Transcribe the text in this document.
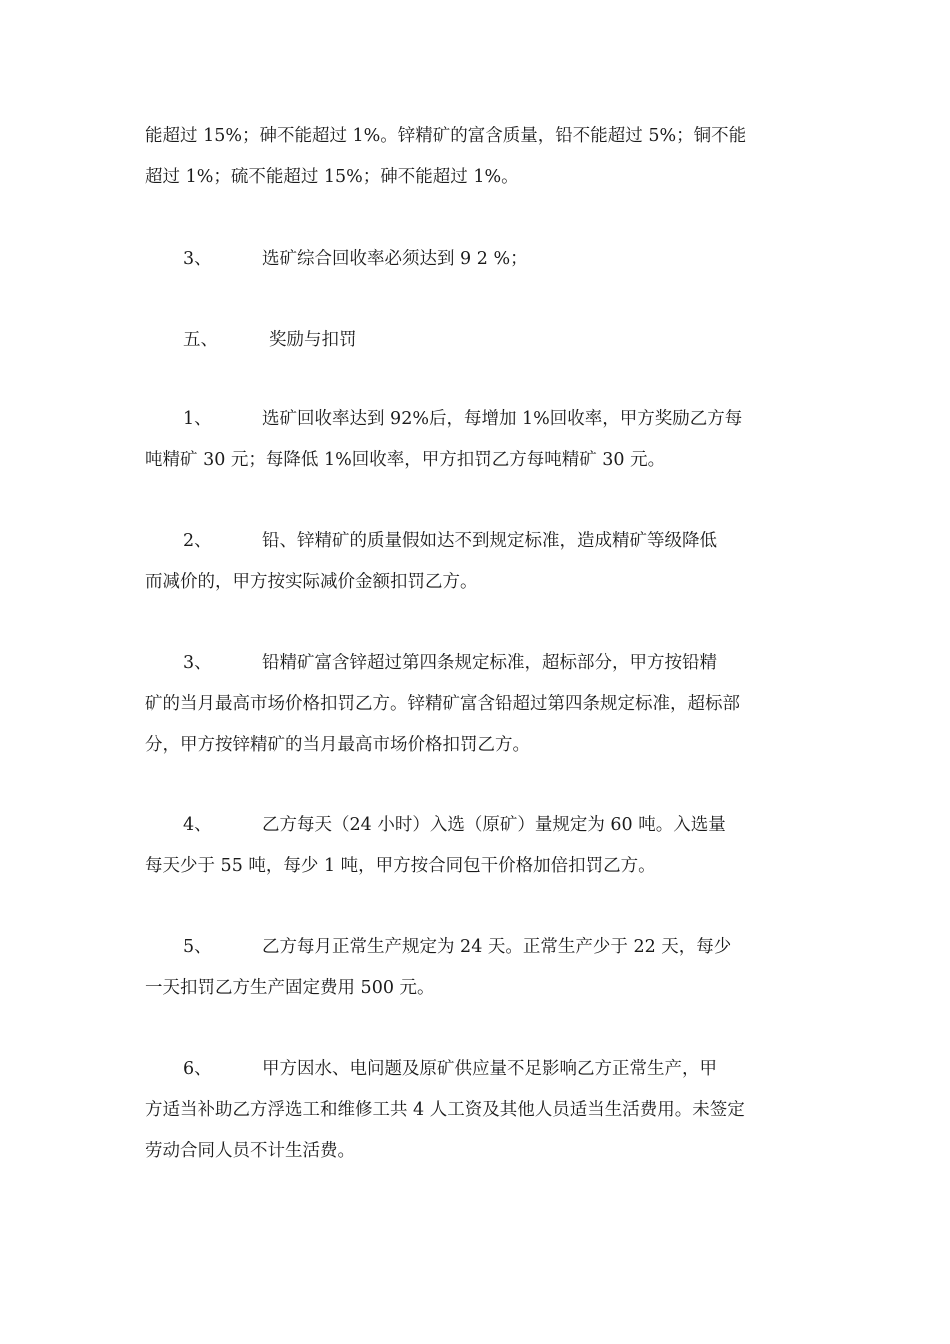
能超过 15%；砷不能超过 1%。锌精矿的富含质量，铅不能超过 5%；铜不能
超过 1%；硫不能超过 15%；砷不能超过 1%。
3、	选矿综合回收率必须达到 9 2 %；
五、	奖励与扣罚
1、	选矿回收率达到 92%后，每增加 1%回收率，甲方奖励乙方每
吨精矿 30 元；每降低 1%回收率，甲方扣罚乙方每吨精矿 30 元。
2、	铅、锌精矿的质量假如达不到规定标准，造成精矿等级降低
而减价的，甲方按实际减价金额扣罚乙方。
3、	铅精矿富含锌超过第四条规定标准，超标部分，甲方按铅精
矿的当月最高市场价格扣罚乙方。锌精矿富含铅超过第四条规定标准，超标部
分，甲方按锌精矿的当月最高市场价格扣罚乙方。
4、	乙方每天（24 小时）入选（原矿）量规定为 60 吨。入选量
每天少于 55 吨，每少 1 吨，甲方按合同包干价格加倍扣罚乙方。
5、	乙方每月正常生产规定为 24 天。正常生产少于 22 天，每少
一天扣罚乙方生产固定费用 500 元。
6、	甲方因水、电问题及原矿供应量不足影响乙方正常生产，甲
方适当补助乙方浮选工和维修工共 4 人工资及其他人员适当生活费用。未签定
劳动合同人员不计生活费。
